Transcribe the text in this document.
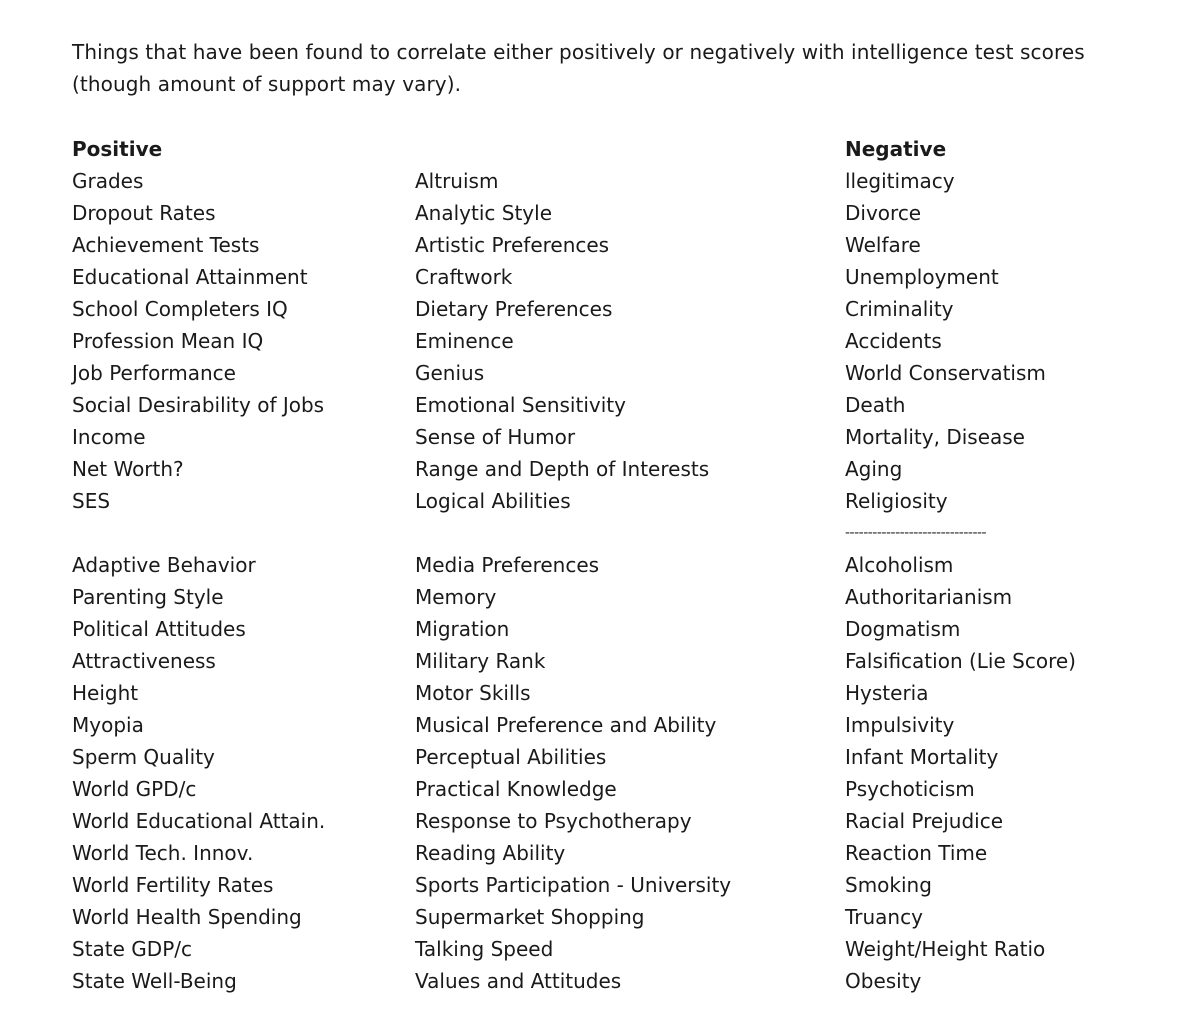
Things that have been found to correlate either positively or negatively with intelligence test scores
(though amount of support may vary).
Positive
Grades
Dropout Rates
Achievement Tests
Educational Attainment
School Completers IQ
Profession Mean IQ
Job Performance
Social Desirability of Jobs
Income
Net Worth?
SES
Adaptive Behavior
Parenting Style
Political Attitudes
Attractiveness
Height
Myopia
Sperm Quality
World GPD/c
World Educational Attain.
World Tech. Innov.
World Fertility Rates
World Health Spending
State GDP/c
State Well-Being
Altruism
Analytic Style
Artistic Preferences
Craftwork
Dietary Preferences
Eminence
Genius
Emotional Sensitivity
Sense of Humor
Range and Depth of Interests
Logical Abilities
Media Preferences
Memory
Migration
Military Rank
Motor Skills
Musical Preference and Ability
Perceptual Abilities
Practical Knowledge
Response to Psychotherapy
Reading Ability
Sports Participation - University
Supermarket Shopping
Talking Speed
Values and Attitudes
Negative
llegitimacy
Divorce
Welfare
Unemployment
Criminality
Accidents
World Conservatism
Death
Mortality, Disease
Aging
Religiosity
-------------------------------
Alcoholism
Authoritarianism
Dogmatism
Falsification (Lie Score)
Hysteria
Impulsivity
Infant Mortality
Psychoticism
Racial Prejudice
Reaction Time
Smoking
Truancy
Weight/Height Ratio
Obesity
